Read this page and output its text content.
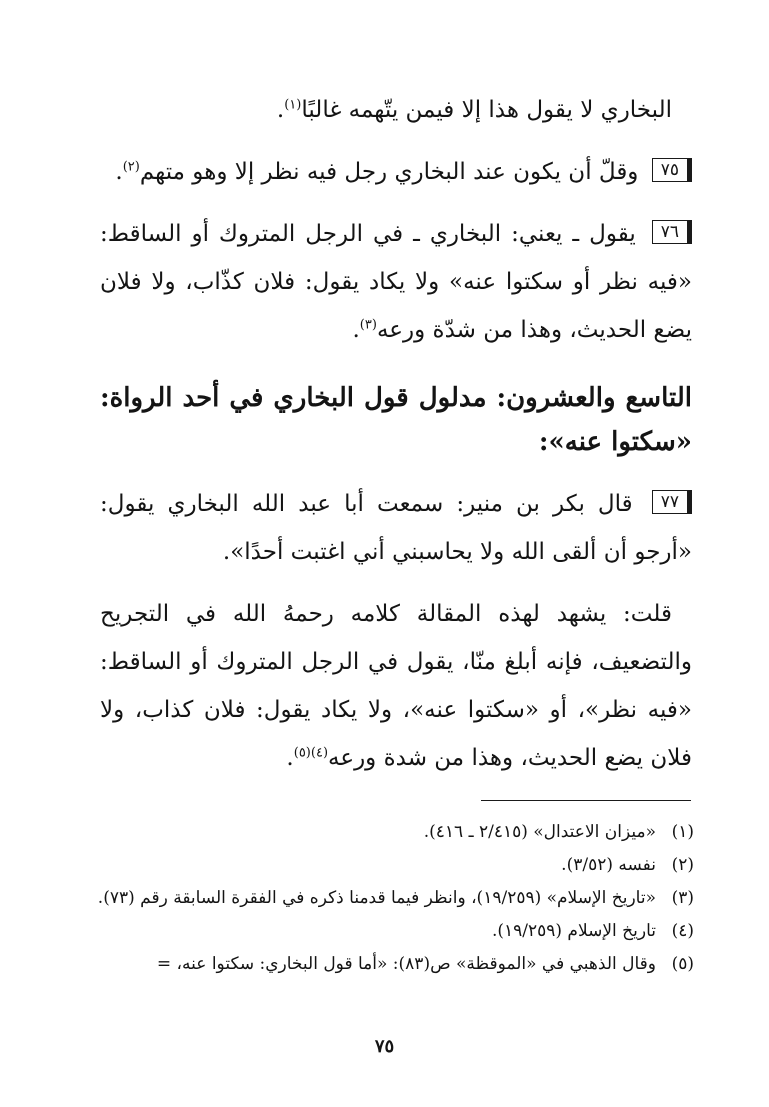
البخاري لا يقول هذا إلا فيمن يتّهمه غالبًا$^{(١)}$.

٧٥ وقلّ أن يكون عند البخاري رجل فيه نظر إلا وهو متهم$^{(٢)}$.

٧٦ يقول ـ يعني: البخاري ـ في الرجل المتروك أو الساقط: «فيه نظر أو سكتوا عنه» ولا يكاد يقول: فلان كذّاب، ولا فلان يضع الحديث، وهذا من شدّة ورعه$^{(٣)}$.

التاسع والعشرون: مدلول قول البخاري في أحد الرواة: «سكتوا عنه»:

٧٧ قال بكر بن منير: سمعت أبا عبد الله البخاري يقول: «أرجو أن ألقى الله ولا يحاسبني أني اغتبت أحدًا».

قلت: يشهد لهذه المقالة كلامه رحمهُ الله في التجريح والتضعيف، فإنه أبلغ منّا، يقول في الرجل المتروك أو الساقط: «فيه نظر»، أو «سكتوا عنه»، ولا يكاد يقول: فلان كذاب، ولا فلان يضع الحديث، وهذا من شدة ورعه$^{(٤)(٥)}$.

(١)
«ميزان الاعتدال» (٢/٤١٥ ـ ٤١٦).
(٢)
نفسه (٣/٥٢).
(٣)
«تاريخ الإسلام» (١٩/٢٥٩)، وانظر فيما قدمنا ذكره في الفقرة السابقة رقم (٧٣).
(٤)
تاريخ الإسلام (١٩/٢٥٩).
(٥)
وقال الذهبي في «الموقظة» ص(٨٣): «أما قول البخاري: سكتوا عنه، =
٧٥
